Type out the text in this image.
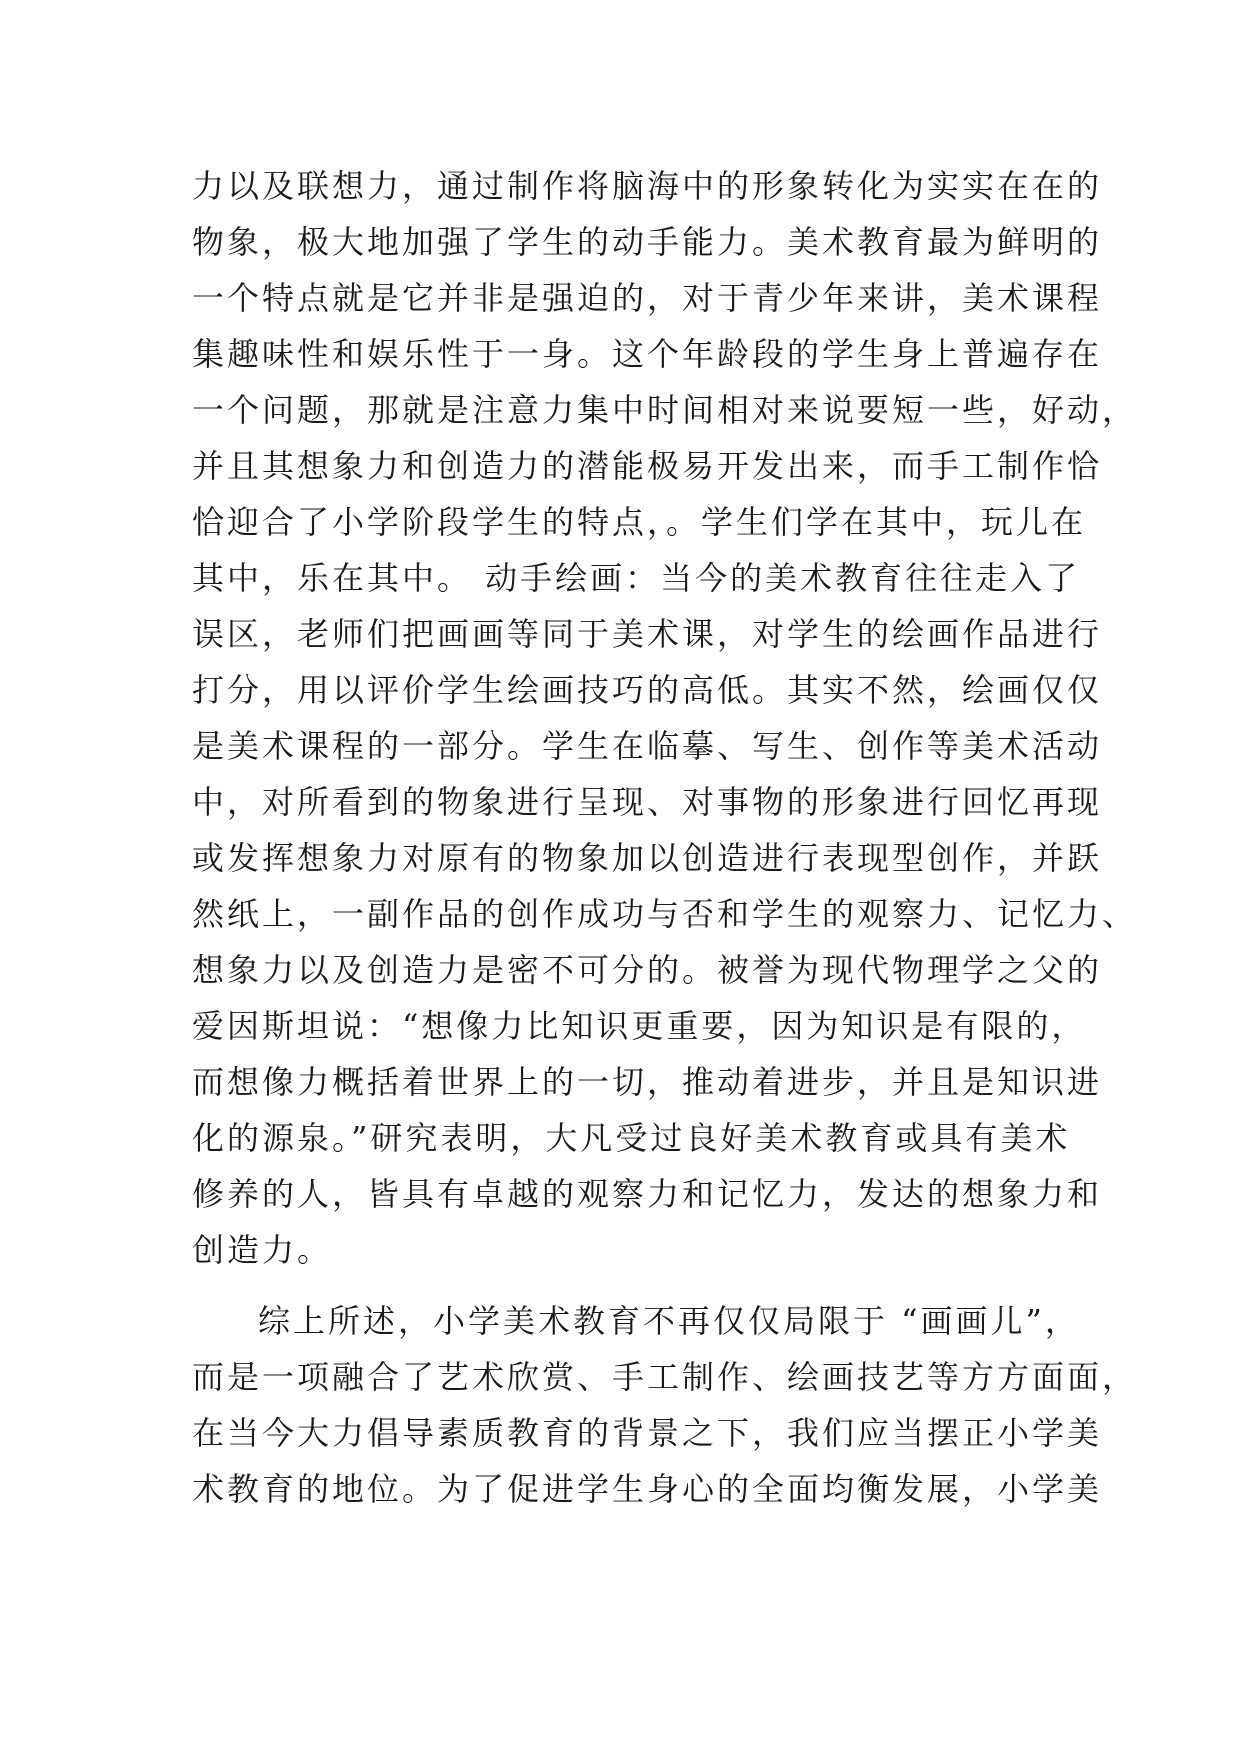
力以及联想力，通过制作将脑海中的形象转化为实实在在的
物象，极大地加强了学生的动手能力。美术教育最为鲜明的
一个特点就是它并非是强迫的，对于青少年来讲，美术课程
集趣味性和娱乐性于一身。这个年龄段的学生身上普遍存在
一个问题，那就是注意力集中时间相对来说要短一些，好动，
并且其想象力和创造力的潜能极易开发出来，而手工制作恰
恰迎合了小学阶段学生的特点，。学生们学在其中，玩儿在
其中，乐在其中。 动手绘画：当今的美术教育往往走入了
误区，老师们把画画等同于美术课，对学生的绘画作品进行
打分，用以评价学生绘画技巧的高低。其实不然，绘画仅仅
是美术课程的一部分。学生在临摹、写生、创作等美术活动
中，对所看到的物象进行呈现、对事物的形象进行回忆再现
或发挥想象力对原有的物象加以创造进行表现型创作，并跃
然纸上，一副作品的创作成功与否和学生的观察力、记忆力、
想象力以及创造力是密不可分的。被誉为现代物理学之父的
爱因斯坦说：“想像力比知识更重要，因为知识是有限的，
而想像力概括着世界上的一切，推动着进步，并且是知识进
化的源泉。”研究表明，大凡受过良好美术教育或具有美术
修养的人，皆具有卓越的观察力和记忆力，发达的想象力和
创造力。
综上所述，小学美术教育不再仅仅局限于 “画画儿”，
而是一项融合了艺术欣赏、手工制作、绘画技艺等方方面面，
在当今大力倡导素质教育的背景之下，我们应当摆正小学美
术教育的地位。为了促进学生身心的全面均衡发展，小学美
